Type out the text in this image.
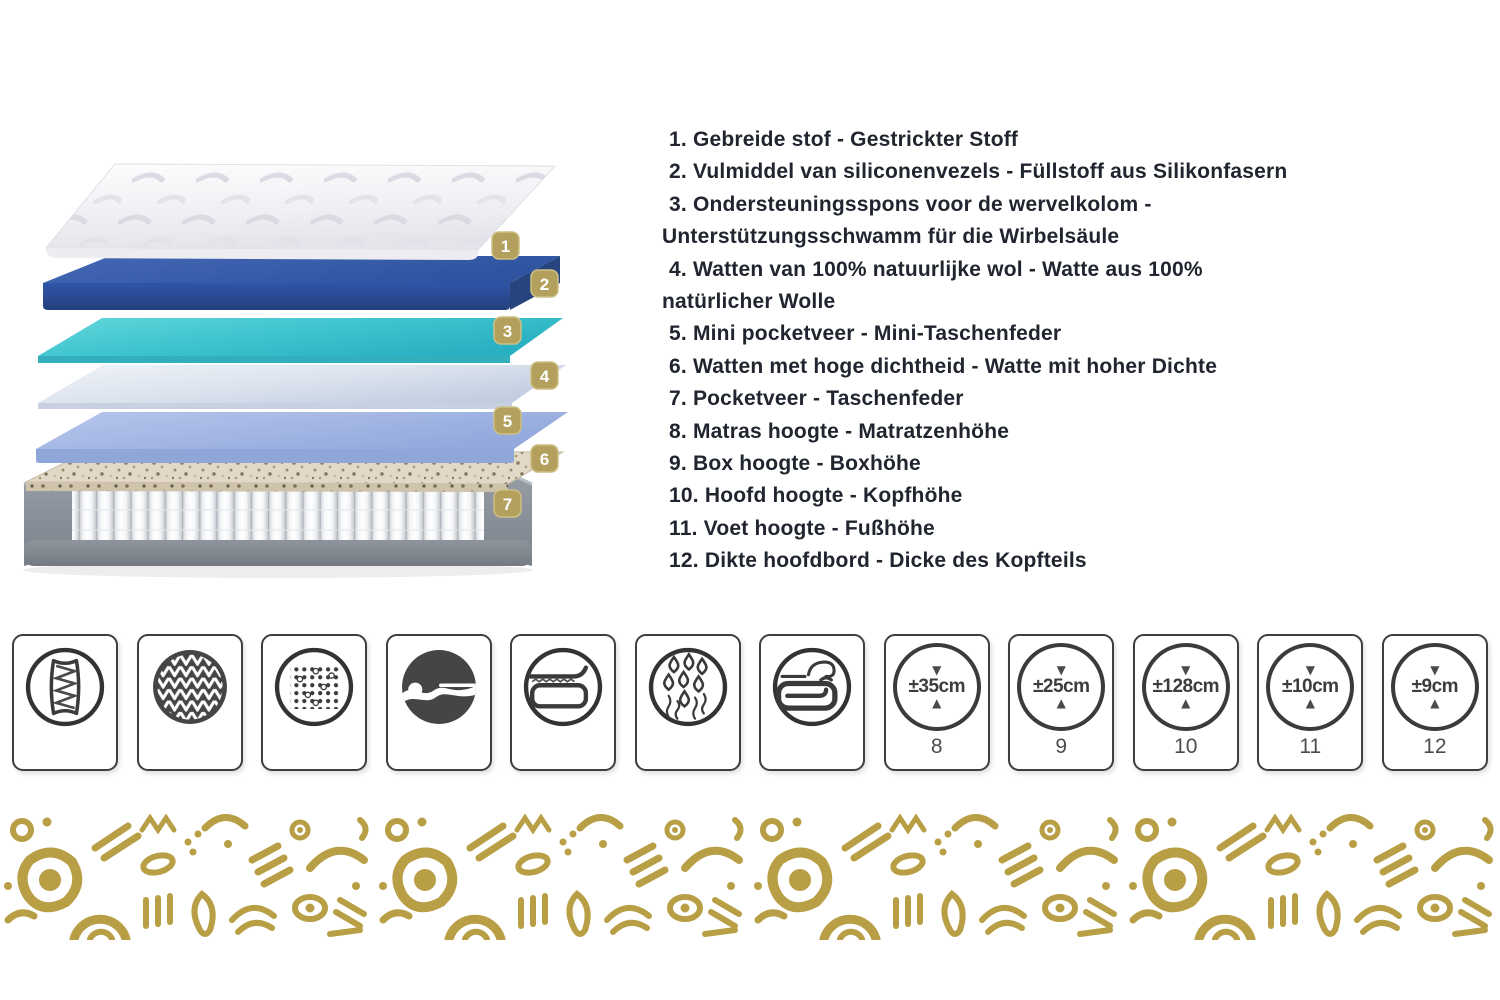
1
2
3
4
5
6
7
1. Gebreide stof - Gestrickter Stoff
2. Vulmiddel van siliconenvezels - Füllstoff aus Silikonfasern
3. Ondersteuningsspons voor de wervelkolom -
Unterstützungsschwamm für die Wirbelsäule
4. Watten van 100% natuurlijke wol - Watte aus 100%
natürlicher Wolle
5. Mini pocketveer - Mini-Taschenfeder
6. Watten met hoge dichtheid - Watte mit hoher Dichte
7. Pocketveer - Taschenfeder
8. Matras hoogte - Matratzenhöhe
9. Box hoogte - Boxhöhe
10. Hoofd hoogte - Kopfhöhe
11. Voet hoogte - Fußhöhe
12. Dikte hoofdbord - Dicke des Kopfteils
▼
±35cm
▲
8
▼
±25cm
▲
9
▼
±128cm
▲
10
▼
±10cm
▲
11
▼
±9cm
▲
12
